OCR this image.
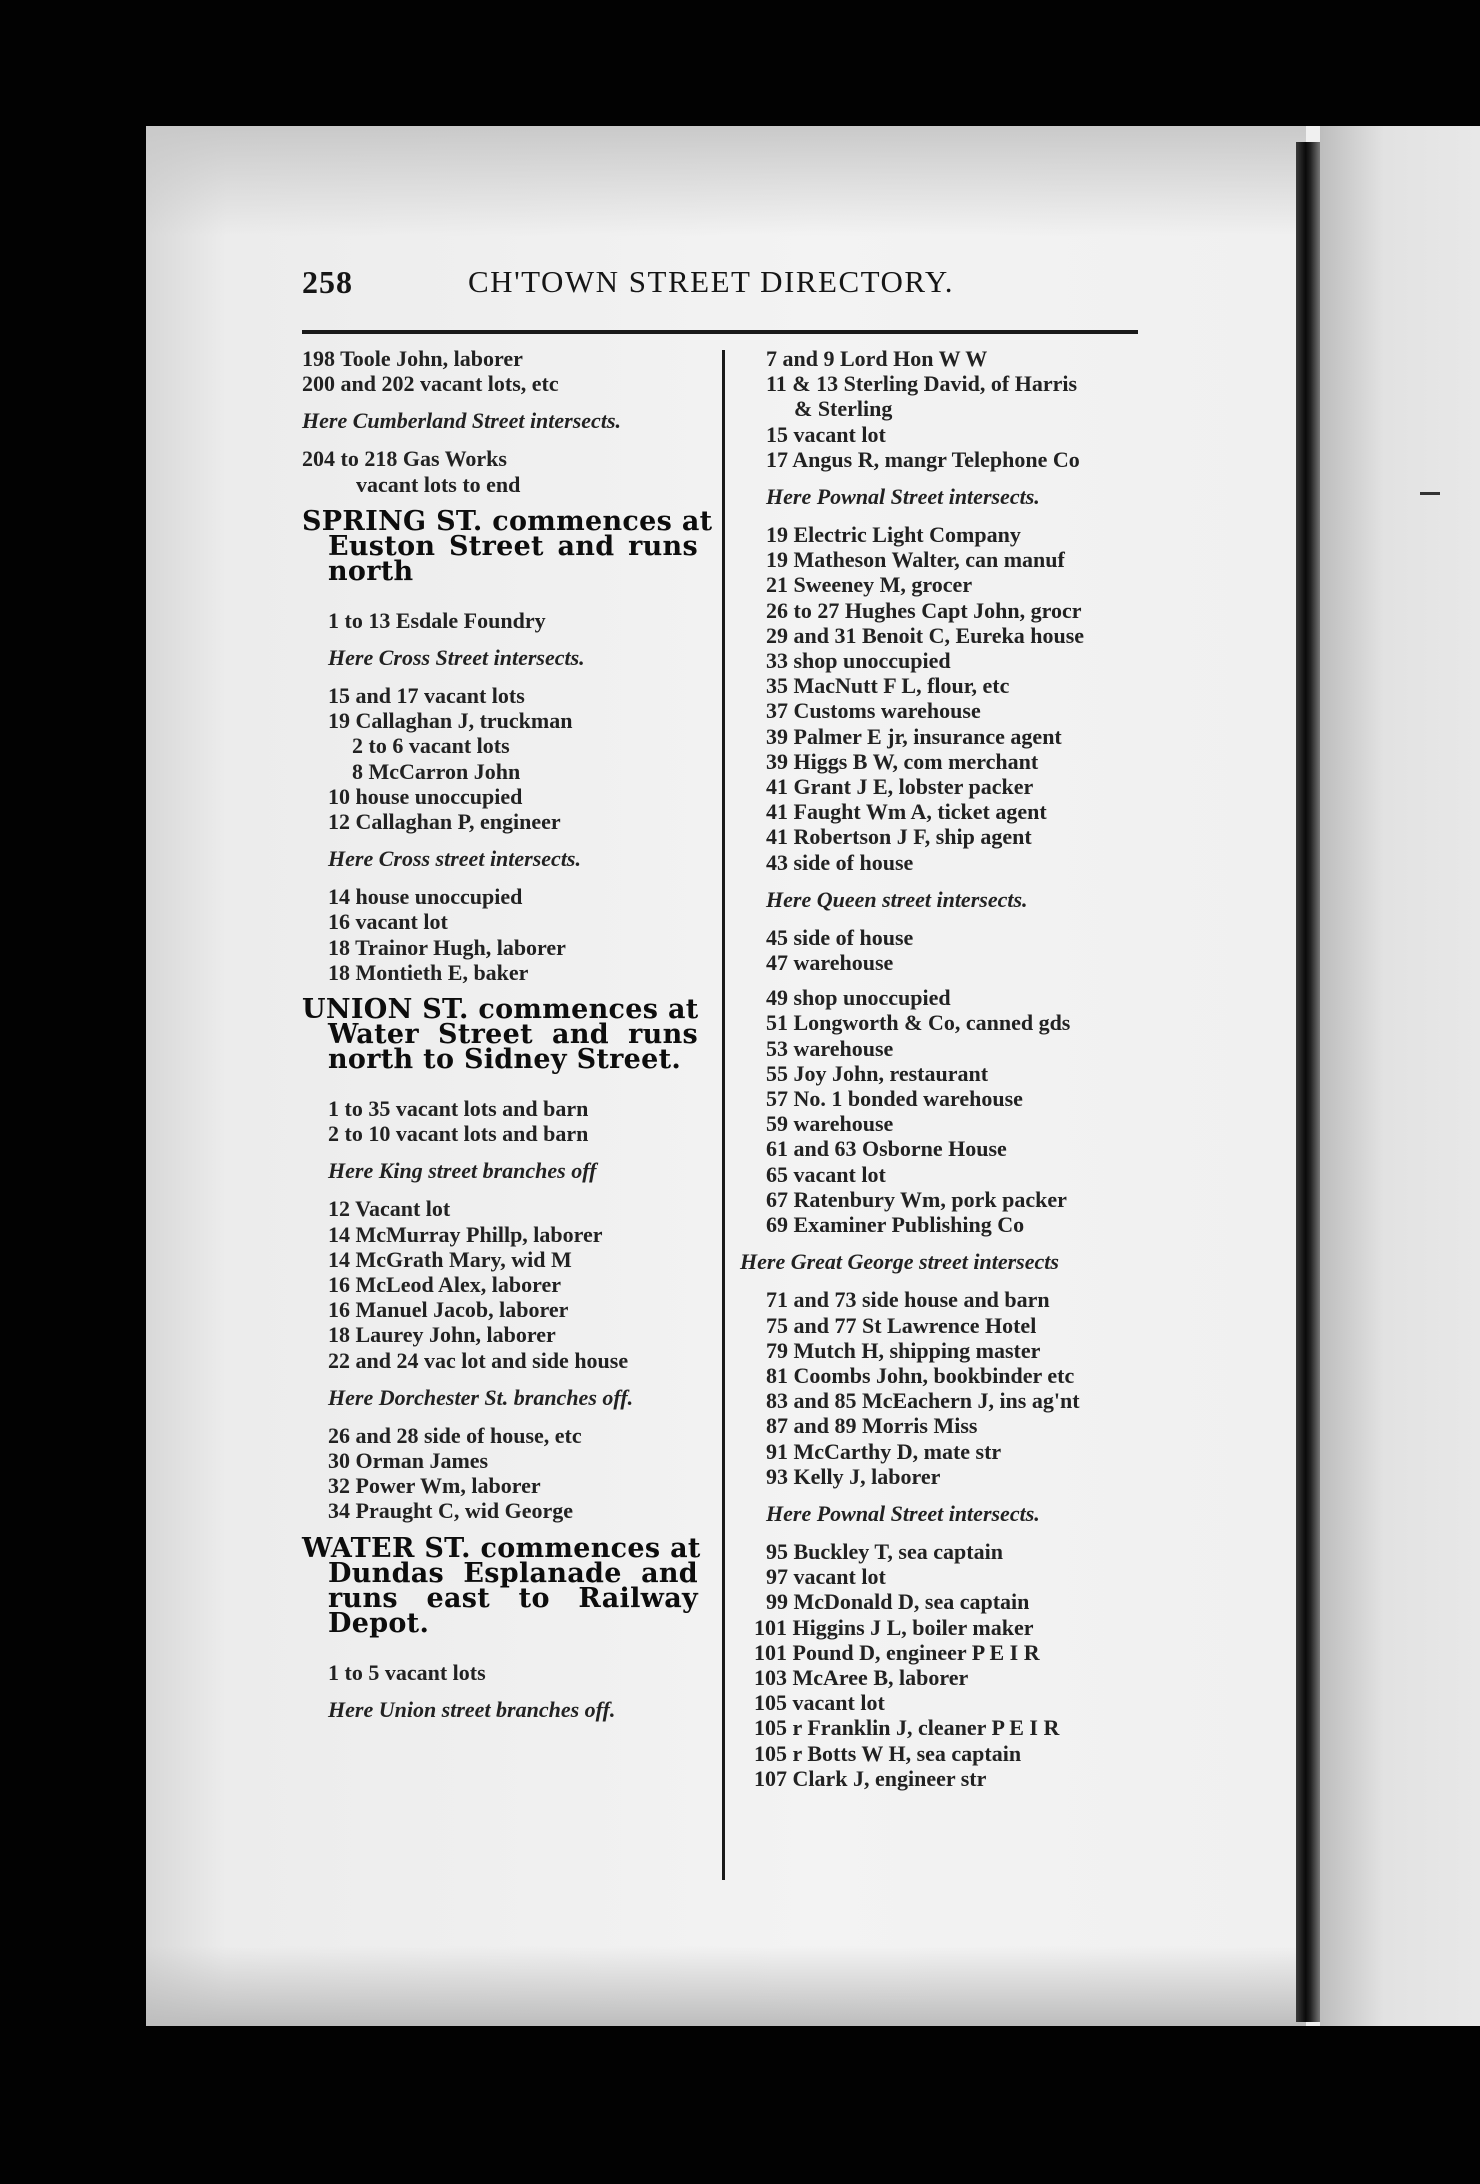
258	CH'TOWN STREET DIRECTORY.
198 Toole John, laborer
200 and 202 vacant lots, etc
Here Cumberland Street intersects.
204 to 218 Gas Works
vacant lots to end
SPRING ST. commences at
Euston Street and runs
north
1 to 13 Esdale Foundry
Here Cross Street intersects.
15 and 17 vacant lots
19 Callaghan J, truckman
2 to 6 vacant lots
8 McCarron John
10 house unoccupied
12 Callaghan P, engineer
Here Cross street intersects.
14 house unoccupied
16 vacant lot
18 Trainor Hugh, laborer
18 Montieth E, baker
UNION ST. commences at
Water Street and runs
north to Sidney Street.
1 to 35 vacant lots and barn
2 to 10 vacant lots and barn
Here King street branches off
12 Vacant lot
14 McMurray Phillp, laborer
14 McGrath Mary, wid M
16 McLeod Alex, laborer
16 Manuel Jacob, laborer
18 Laurey John, laborer
22 and 24 vac lot and side house
Here Dorchester St. branches off.
26 and 28 side of house, etc
30 Orman James
32 Power Wm, laborer
34 Praught C, wid George
WATER ST. commences at
Dundas Esplanade and
runs east to Railway
Depot.
1 to 5 vacant lots
Here Union street branches off.
7 and 9 Lord Hon W W
11 & 13 Sterling David, of Harris
& Sterling
15 vacant lot
17 Angus R, mangr Telephone Co
Here Pownal Street intersects.
19 Electric Light Company
19 Matheson Walter, can manuf
21 Sweeney M, grocer
26 to 27 Hughes Capt John, grocr
29 and 31 Benoit C, Eureka house
33 shop unoccupied
35 MacNutt F L, flour, etc
37 Customs warehouse
39 Palmer E jr, insurance agent
39 Higgs B W, com merchant
41 Grant J E, lobster packer
41 Faught Wm A, ticket agent
41 Robertson J F, ship agent
43 side of house
Here Queen street intersects.
45 side of house
47 warehouse
49 shop unoccupied
51 Longworth & Co, canned gds
53 warehouse
55 Joy John, restaurant
57 No. 1 bonded warehouse
59 warehouse
61 and 63 Osborne House
65 vacant lot
67 Ratenbury Wm, pork packer
69 Examiner Publishing Co
Here Great George street intersects
71 and 73 side house and barn
75 and 77 St Lawrence Hotel
79 Mutch H, shipping master
81 Coombs John, bookbinder etc
83 and 85 McEachern J, ins ag'nt
87 and 89 Morris Miss
91 McCarthy D, mate str
93 Kelly J, laborer
Here Pownal Street intersects.
95 Buckley T, sea captain
97 vacant lot
99 McDonald D, sea captain
101 Higgins J L, boiler maker
101 Pound D, engineer P E I R
103 McAree B, laborer
105 vacant lot
105 r Franklin J, cleaner P E I R
105 r Botts W H, sea captain
107 Clark J, engineer str
